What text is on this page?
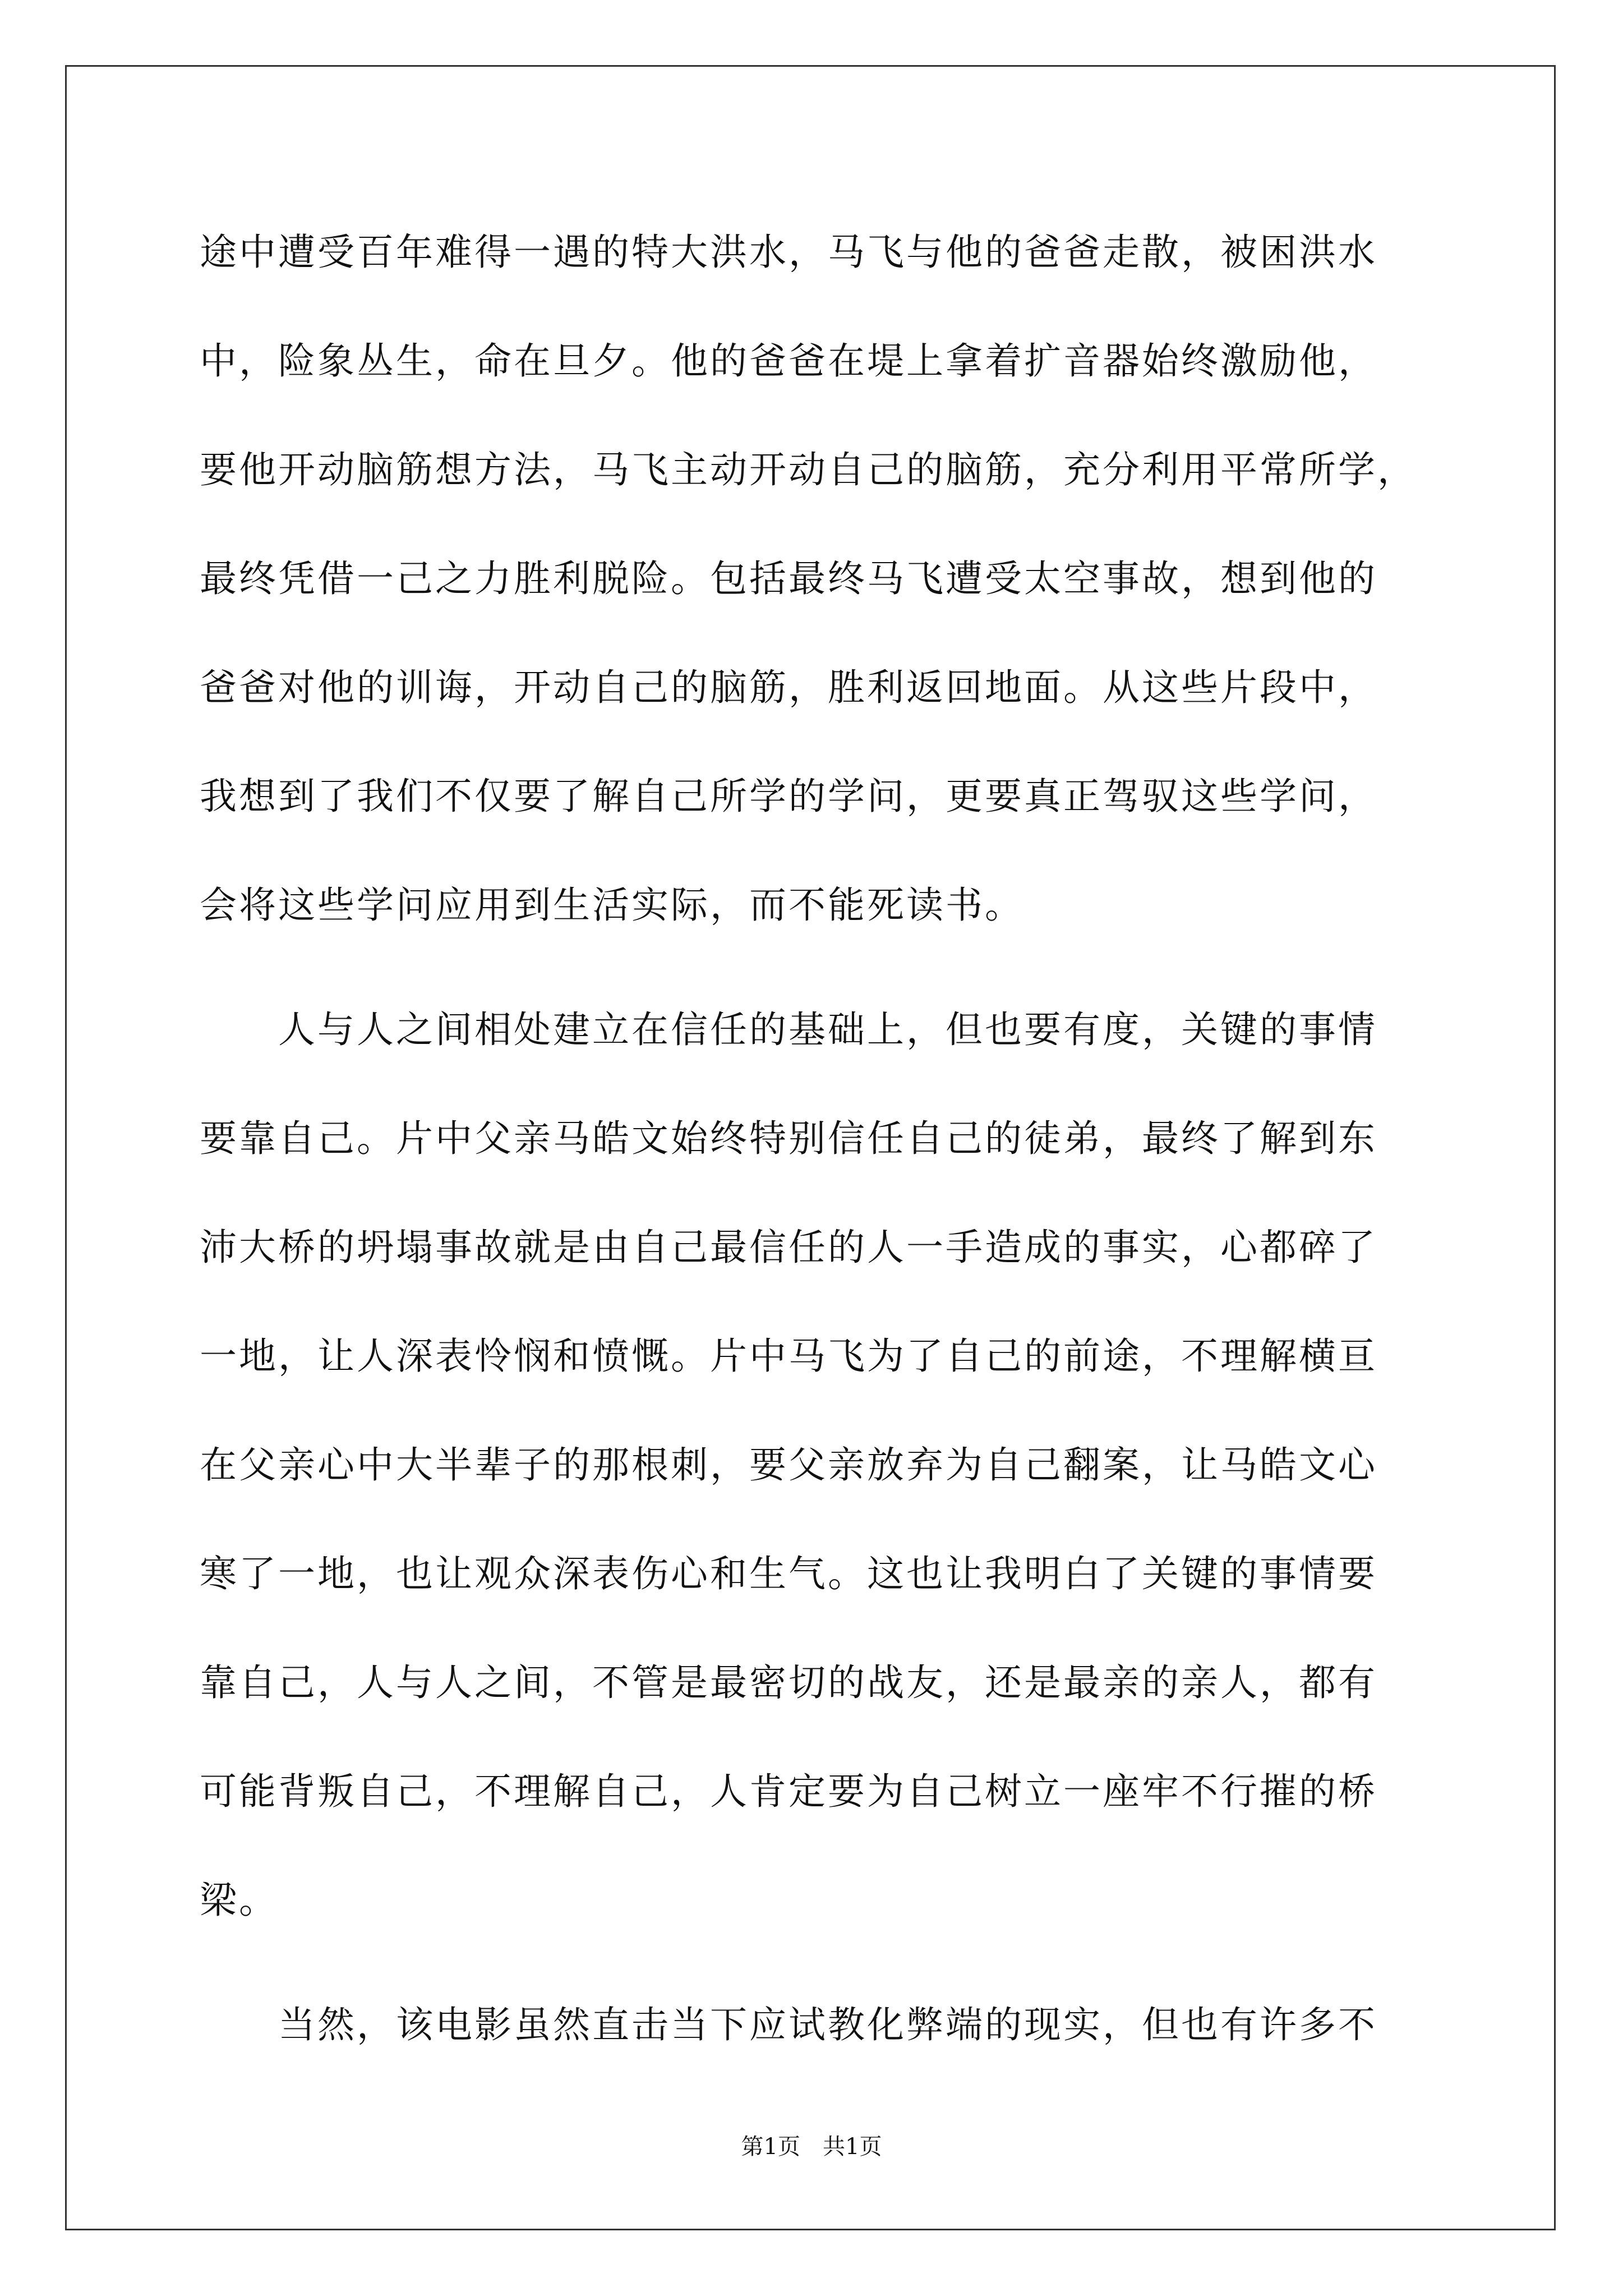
途中遭受百年难得一遇的特大洪水，马飞与他的爸爸走散，被困洪水
中，险象丛生，命在旦夕。他的爸爸在堤上拿着扩音器始终激励他，
要他开动脑筋想方法，马飞主动开动自己的脑筋，充分利用平常所学，
最终凭借一己之力胜利脱险。包括最终马飞遭受太空事故，想到他的
爸爸对他的训诲，开动自己的脑筋，胜利返回地面。从这些片段中，
我想到了我们不仅要了解自己所学的学问，更要真正驾驭这些学问，
会将这些学问应用到生活实际，而不能死读书。
　　人与人之间相处建立在信任的基础上，但也要有度，关键的事情
要靠自己。片中父亲马皓文始终特别信任自己的徒弟，最终了解到东
沛大桥的坍塌事故就是由自己最信任的人一手造成的事实，心都碎了
一地，让人深表怜悯和愤慨。片中马飞为了自己的前途，不理解横亘
在父亲心中大半辈子的那根刺，要父亲放弃为自己翻案，让马皓文心
寒了一地，也让观众深表伤心和生气。这也让我明白了关键的事情要
靠自己，人与人之间，不管是最密切的战友，还是最亲的亲人，都有
可能背叛自己，不理解自己，人肯定要为自己树立一座牢不行摧的桥
梁。
　　当然，该电影虽然直击当下应试教化弊端的现实，但也有许多不
第1页 共1页
